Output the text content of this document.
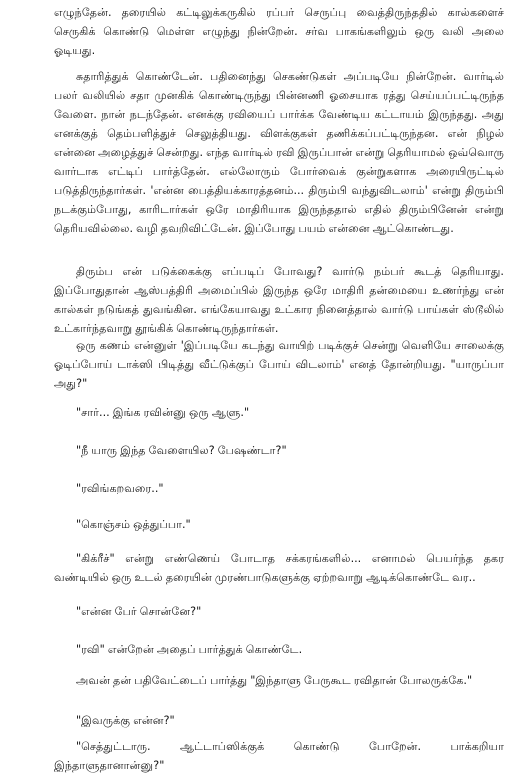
எழுந்தேன். தரையில் கட்டிலுக்கருகில் ரப்பர் செருப்பு வைத்திருந்ததில் கால்களைச் செருகிக் கொண்டு மெள்ள எழுந்து நின்றேன். சர்வ பாகங்களிலும் ஒரு வலி அலை ஓடியது.

சுதாரித்துக் கொண்டேன். பதினைந்து செகண்டுகள் அப்படியே நின்றேன். வார்டில் பலர் வலியில் சதா முனகிக் கொண்டிருந்து பின்னணி ஓசையாக ரத்து செய்யப்பட்டிருந்த வேளை. நான் நடந்தேன். எனக்கு ரவியைப் பார்க்க வேண்டிய கட்டாயம் இருந்தது. அது எனக்குத் தெம்பளித்துச் செலுத்தியது. விளக்குகள் தணிக்கப்பட்டிருந்தன. என் நிழல் என்னை அழைத்துச் சென்றது. எந்த வார்டில் ரவி இருப்பான் என்று தெரியாமல் ஒவ்வொரு வார்டாக எட்டிப் பார்த்தேன். எல்லோரும் போர்வைக் குன்றுகளாக அரையிருட்டில் படுத்திருந்தார்கள். 'என்ன பைத்தியக்காரத்தனம்... திரும்பி வந்துவிடலாம்' என்று திரும்பி நடக்கும்போது, காரிடார்கள் ஒரே மாதிரியாக இருந்ததால் எதில் திரும்பினேன் என்று தெரியவில்லை. வழி தவறிவிட்டேன். இப்போது பயம் என்னை ஆட்கொண்டது.

திரும்ப என் படுக்கைக்கு எப்படிப் போவது? வார்டு நம்பர் கூடத் தெரியாது. இப்போதுதான் ஆஸ்பத்திரி அமைப்பில் இருந்த ஒரே மாதிரி தன்மையை உணர்ந்து என் கால்கள் நடுங்கத் துவங்கின. எங்கேயாவது உட்கார நினைத்தால் வார்டு பாய்கள் ஸ்டூலில் உட்கார்ந்தவாறு தூங்கிக் கொண்டிருந்தார்கள்.

ஒரு கணம் என்னுள் 'இப்படியே கடந்து வாயிற் படிக்குச் சென்று வெளியே சாலைக்கு ஓடிப்போய் டாக்ஸி பிடித்து வீட்டுக்குப் போய் விடலாம்' எனத் தோன்றியது. "யாருப்பா அது?"

"சார்... இங்க ரவின்னு ஒரு ஆளு."

"நீ யாரு இந்த வேளையில? பேஷண்டா?"

"ரவிங்கறவரை.."

"கொஞ்சம் ஒத்துப்பா."

"கிக்ரீச்" என்று எண்ணெய் போடாத சக்கரங்களில்... எனாமல் பெயர்ந்த தகர வண்டியில் ஒரு உடல் தரையின் முரண்பாடுகளுக்கு ஏற்றவாறு ஆடிக்கொண்டே வர..

"என்ன பேர் சொன்னே?"

"ரவி" என்றேன் அதைப் பார்த்துக் கொண்டே.

அவன் தன் பதிவேட்டைப் பார்த்து "இந்தாளு பேருகூட ரவிதான் போலருக்கே."

"இவருக்கு என்ன?"

"செத்துட்டாரு. ஆட்டாப்ஸிக்குக் கொண்டு போறேன். பாக்கறியா இந்தாளுதானான்னு?"
